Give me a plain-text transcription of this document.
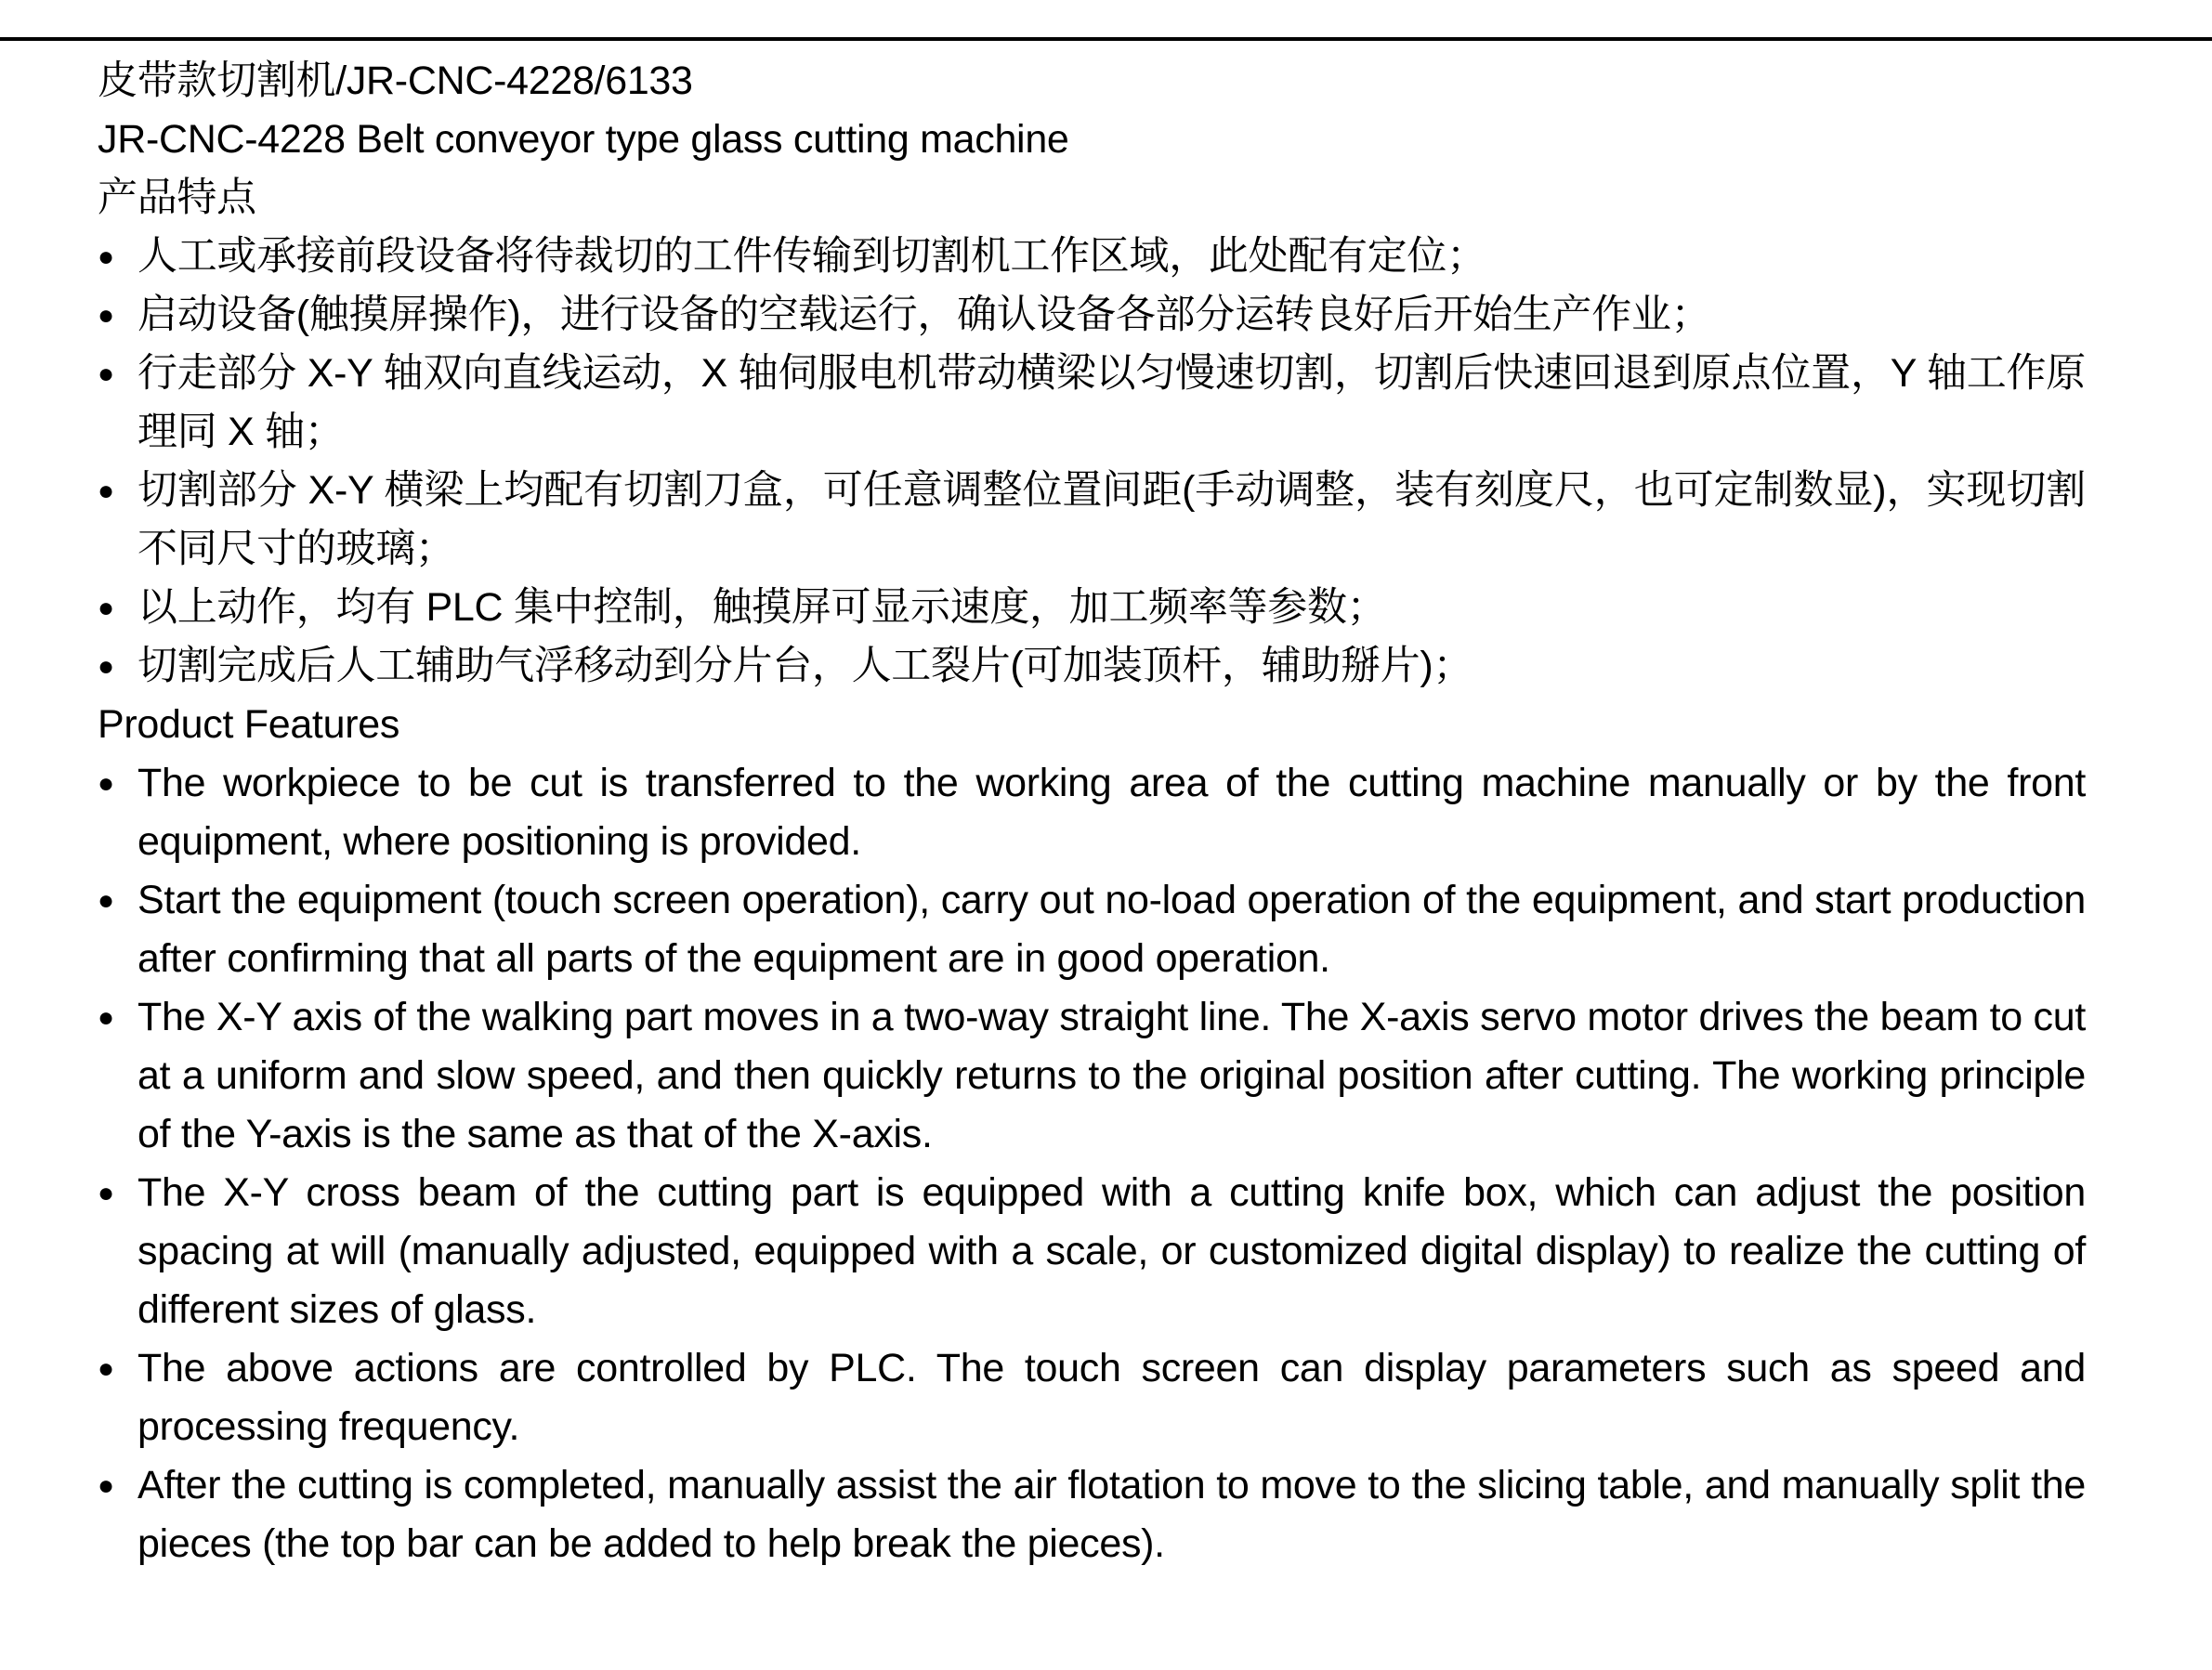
皮带款切割机/JR-CNC-4228/6133

JR-CNC-4228 Belt conveyor type glass cutting machine

产品特点

● 人工或承接前段设备将待裁切的工件传输到切割机工作区域，此处配有定位；
● 启动设备(触摸屏操作)，进行设备的空载运行，确认设备各部分运转良好后开始生产作业；
● 行走部分 X-Y 轴双向直线运动，X 轴伺服电机带动横梁以匀慢速切割，切割后快速回退到原点位置，Y 轴工作原理同 X 轴；
● 切割部分 X-Y 横梁上均配有切割刀盒，可任意调整位置间距(手动调整，装有刻度尺，也可定制数显)，实现切割不同尺寸的玻璃；
● 以上动作，均有 PLC 集中控制，触摸屏可显示速度，加工频率等参数；
● 切割完成后人工辅助气浮移动到分片台，人工裂片(可加装顶杆，辅助掰片)；

Product Features

● The workpiece to be cut is transferred to the working area of the cutting machine manually or by the front equipment, where positioning is provided.
● Start the equipment (touch screen operation), carry out no-load operation of the equipment, and start production after confirming that all parts of the equipment are in good operation.
● The X-Y axis of the walking part moves in a two-way straight line. The X-axis servo motor drives the beam to cut at a uniform and slow speed, and then quickly returns to the original position after cutting. The working principle of the Y-axis is the same as that of the X-axis.
● The X-Y cross beam of the cutting part is equipped with a cutting knife box, which can adjust the position spacing at will (manually adjusted, equipped with a scale, or customized digital display) to realize the cutting of different sizes of glass.
● The above actions are controlled by PLC. The touch screen can display parameters such as speed and processing frequency.
● After the cutting is completed, manually assist the air flotation to move to the slicing table, and manually split the pieces (the top bar can be added to help break the pieces).
